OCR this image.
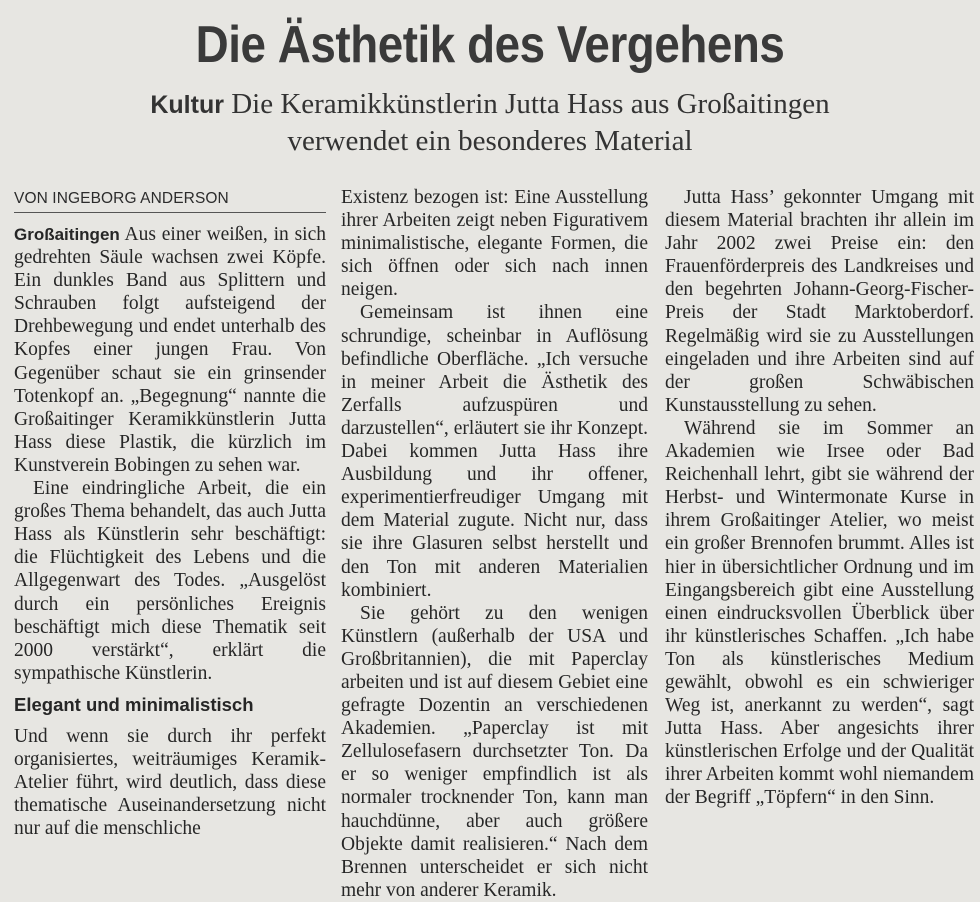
Die Ästhetik des Vergehens
Kultur Die Keramikkünstlerin Jutta Hass aus Großaitingen
verwendet ein besonderes Material
VON INGEBORG ANDERSON

Großaitingen Aus einer weißen, in sich gedrehten Säule wachsen zwei Köpfe. Ein dunkles Band aus Splittern und Schrauben folgt aufsteigend der Drehbewegung und endet unterhalb des Kopfes einer jungen Frau. Von Gegenüber schaut sie ein grinsender Totenkopf an. „Begegnung“ nannte die Großaitinger Keramikkünstlerin Jutta Hass diese Plastik, die kürzlich im Kunstverein Bobingen zu sehen war.

Eine eindringliche Arbeit, die ein großes Thema behandelt, das auch Jutta Hass als Künstlerin sehr beschäftigt: die Flüchtigkeit des Lebens und die Allgegenwart des Todes. „Ausgelöst durch ein persönliches Ereignis beschäftigt mich diese Thematik seit 2000 verstärkt“, erklärt die sympathische Künstlerin.

Elegant und minimalistisch

Und wenn sie durch ihr perfekt organisiertes, weiträumiges Keramik-Atelier führt, wird deutlich, dass diese thematische Auseinandersetzung nicht nur auf die menschliche

Existenz bezogen ist: Eine Ausstellung ihrer Arbeiten zeigt neben Figurativem minimalistische, elegante Formen, die sich öffnen oder sich nach innen neigen.

Gemeinsam ist ihnen eine schrundige, scheinbar in Auflösung befindliche Oberfläche. „Ich versuche in meiner Arbeit die Ästhetik des Zerfalls aufzuspüren und darzustellen“, erläutert sie ihr Konzept. Dabei kommen Jutta Hass ihre Ausbildung und ihr offener, experimentierfreudiger Umgang mit dem Material zugute. Nicht nur, dass sie ihre Glasuren selbst herstellt und den Ton mit anderen Materialien kombiniert.

Sie gehört zu den wenigen Künstlern (außerhalb der USA und Großbritannien), die mit Paperclay arbeiten und ist auf diesem Gebiet eine gefragte Dozentin an verschiedenen Akademien. „Paperclay ist mit Zellulosefasern durchsetzter Ton. Da er so weniger empfindlich ist als normaler trocknender Ton, kann man hauchdünne, aber auch größere Objekte damit realisieren.“ Nach dem Brennen unterscheidet er sich nicht mehr von anderer Keramik.

Jutta Hass’ gekonnter Umgang mit diesem Material brachten ihr allein im Jahr 2002 zwei Preise ein: den Frauenförderpreis des Landkreises und den begehrten Johann-Georg-Fischer-Preis der Stadt Marktoberdorf. Regelmäßig wird sie zu Ausstellungen eingeladen und ihre Arbeiten sind auf der großen Schwäbischen Kunstausstellung zu sehen.

Während sie im Sommer an Akademien wie Irsee oder Bad Reichenhall lehrt, gibt sie während der Herbst- und Wintermonate Kurse in ihrem Großaitinger Atelier, wo meist ein großer Brennofen brummt. Alles ist hier in übersichtlicher Ordnung und im Eingangsbereich gibt eine Ausstellung einen eindrucksvollen Überblick über ihr künstlerisches Schaffen. „Ich habe Ton als künstlerisches Medium gewählt, obwohl es ein schwieriger Weg ist, anerkannt zu werden“, sagt Jutta Hass. Aber angesichts ihrer künstlerischen Erfolge und der Qualität ihrer Arbeiten kommt wohl niemandem der Begriff „Töpfern“ in den Sinn.
